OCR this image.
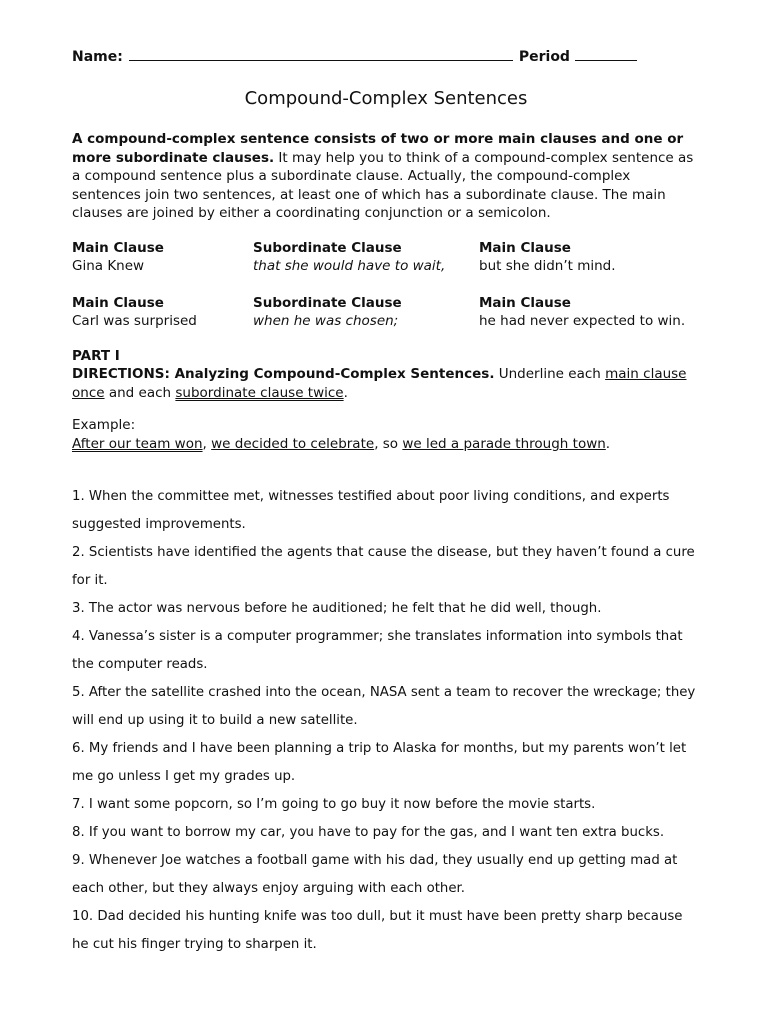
Name:	Period
Compound-Complex Sentences
A compound-complex sentence consists of two or more main clauses and one or more subordinate clauses. It may help you to think of a compound-complex sentence as a compound sentence plus a subordinate clause. Actually, the compound-complex sentences join two sentences, at least one of which has a subordinate clause. The main clauses are joined by either a coordinating conjunction or a semicolon.
Main Clause	Subordinate Clause	Main Clause
Gina Knew	that she would have to wait,	but she didn’t mind.
Main Clause	Subordinate Clause	Main Clause
Carl was surprised	when he was chosen;	he had never expected to win.
PART I
DIRECTIONS: Analyzing Compound-Complex Sentences. Underline each main clause once and each subordinate clause twice.
Example:
After our team won, we decided to celebrate, so we led a parade through town.
1. When the committee met, witnesses testified about poor living conditions, and experts suggested improvements.
2. Scientists have identified the agents that cause the disease, but they haven’t found a cure for it.
3. The actor was nervous before he auditioned; he felt that he did well, though.
4. Vanessa’s sister is a computer programmer; she translates information into symbols that the computer reads.
5. After the satellite crashed into the ocean, NASA sent a team to recover the wreckage; they will end up using it to build a new satellite.
6. My friends and I have been planning a trip to Alaska for months, but my parents won’t let me go unless I get my grades up.
7. I want some popcorn, so I’m going to go buy it now before the movie starts.
8. If you want to borrow my car, you have to pay for the gas, and I want ten extra bucks.
9. Whenever Joe watches a football game with his dad, they usually end up getting mad at each other, but they always enjoy arguing with each other.
10. Dad decided his hunting knife was too dull, but it must have been pretty sharp because he cut his finger trying to sharpen it.
